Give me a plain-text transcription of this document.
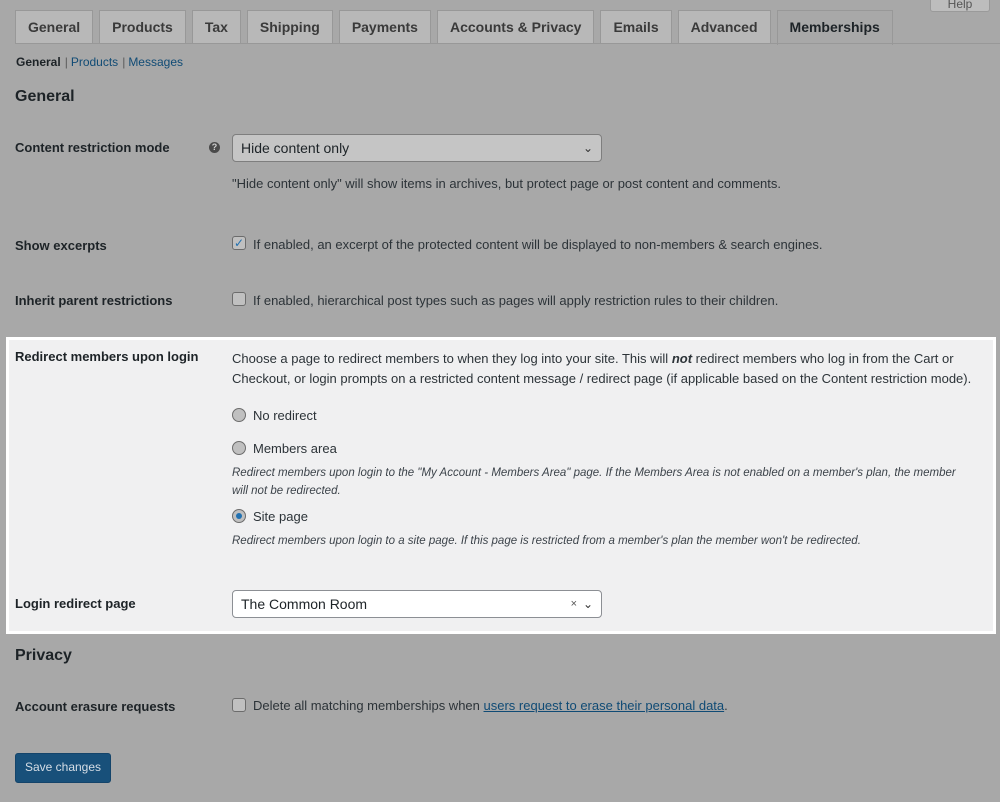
Help
General	Products	Tax	Shipping	Payments	Accounts & Privacy	Emails	Advanced	Memberships
General | Products | Messages
General
Content restriction mode	?	Hide content only	⌄
"Hide content only" will show items in archives, but protect page or post content and comments.
Show excerpts	✓ If enabled, an excerpt of the protected content will be displayed to non-members & search engines.
Inherit parent restrictions	If enabled, hierarchical post types such as pages will apply restriction rules to their children.
Redirect members upon login	Choose a page to redirect members to when they log into your site. This will not redirect members who log in from the Cart or
Checkout, or login prompts on a restricted content message / redirect page (if applicable based on the Content restriction mode).
No redirect
Members area
Redirect members upon login to the "My Account - Members Area" page. If the Members Area is not enabled on a member's plan, the member
will not be redirected.
Site page
Redirect members upon login to a site page. If this page is restricted from a member's plan the member won't be redirected.
Login redirect page	The Common Room	× ⌄
Privacy
Account erasure requests	Delete all matching memberships when users request to erase their personal data.
Save changes
